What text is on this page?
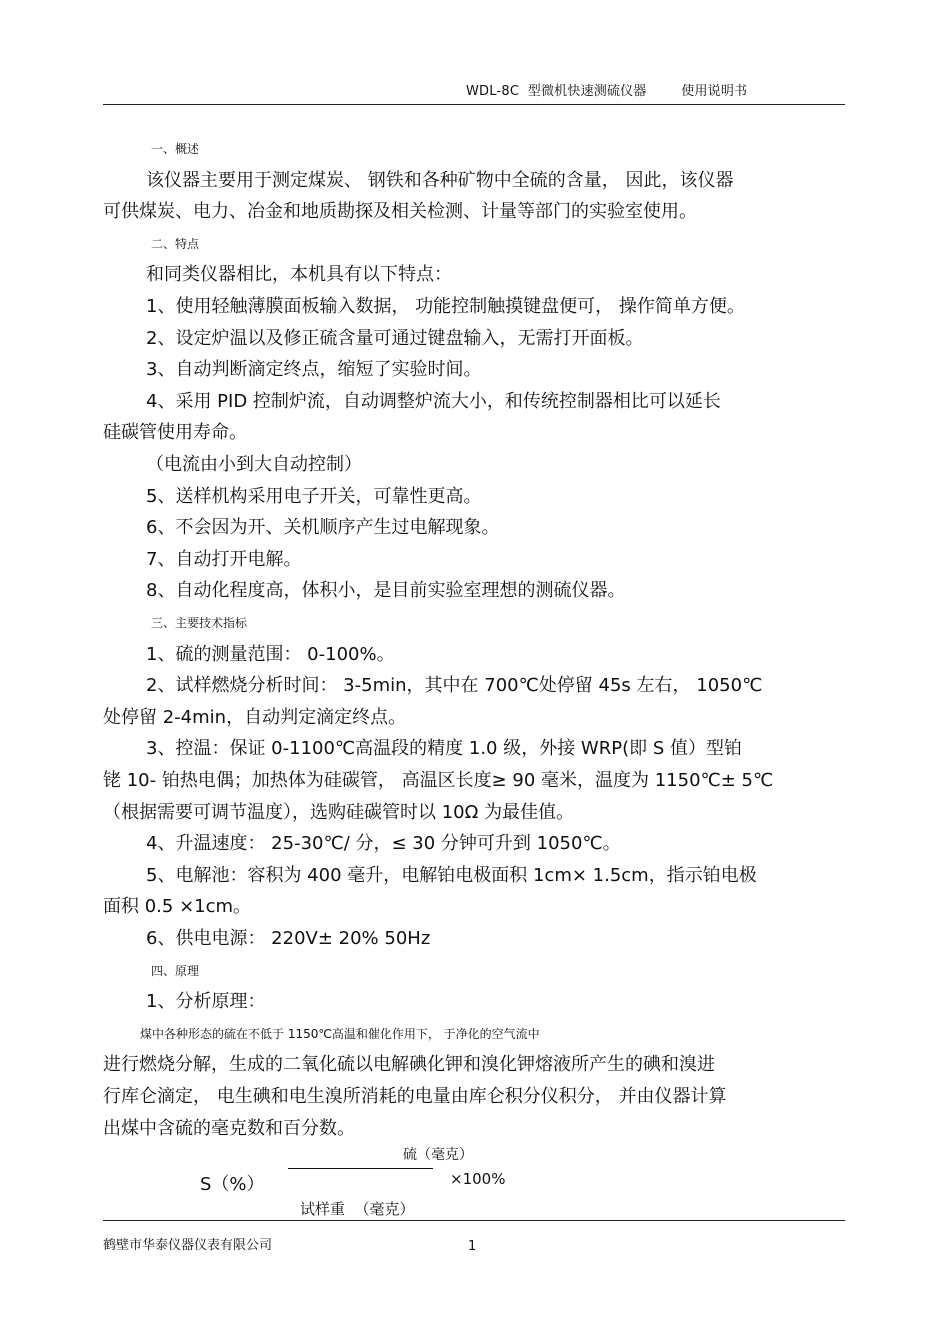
WDL-8C  型微机快速测硫仪器        使用说明书
一、概述
该仪器主要用于测定煤炭、 钢铁和各种矿物中全硫的含量， 因此，该仪器
可供煤炭、电力、冶金和地质勘探及相关检测、计量等部门的实验室使用。
二、特点
和同类仪器相比，本机具有以下特点：
1、使用轻触薄膜面板输入数据， 功能控制触摸键盘便可， 操作简单方便。
2、设定炉温以及修正硫含量可通过键盘输入，无需打开面板。
3、自动判断滴定终点，缩短了实验时间。
4、采用 PID 控制炉流，自动调整炉流大小，和传统控制器相比可以延长
硅碳管使用寿命。
（电流由小到大自动控制）
5、送样机构采用电子开关，可靠性更高。
6、不会因为开、关机顺序产生过电解现象。
7、自动打开电解。
8、自动化程度高，体积小，是目前实验室理想的测硫仪器。
三、主要技术指标
1、硫的测量范围： 0-100%。
2、试样燃烧分析时间： 3-5min，其中在 700℃处停留 45s 左右， 1050℃
处停留 2-4min，自动判定滴定终点。
3、控温：保证 0-1100℃高温段的精度 1.0 级，外接 WRP(即 S 值）型铂
铑 10- 铂热电偶；加热体为硅碳管， 高温区长度≥ 90 毫米，温度为 1150℃± 5℃
（根据需要可调节温度），选购硅碳管时以 10Ω 为最佳值。
4、升温速度： 25-30℃/ 分，≤ 30 分钟可升到 1050℃。
5、电解池：容积为 400 毫升，电解铂电极面积 1cm× 1.5cm，指示铂电极
面积 0.5 ×1cm。
6、供电电源： 220V± 20% 50Hz
四、原理
1、分析原理：
煤中各种形态的硫在不低于 1150℃高温和催化作用下， 于净化的空气流中
进行燃烧分解，生成的二氧化硫以电解碘化钾和溴化钾熔液所产生的碘和溴进
行库仑滴定， 电生碘和电生溴所消耗的电量由库仑积分仪积分， 并由仪器计算
出煤中含硫的毫克数和百分数。
S（%）
硫（毫克）
试样重  （毫克）
×100%
鹤壁市华泰仪器仪表有限公司	1
